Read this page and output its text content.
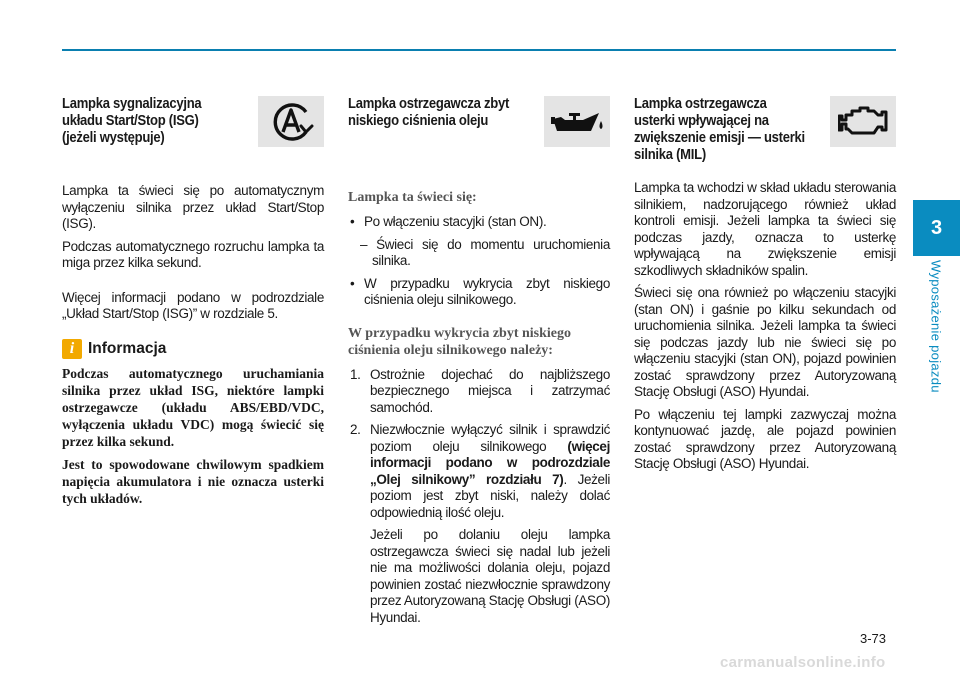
Lampka sygnalizacyjna układu Start/Stop (ISG) (jeżeli występuje)

Lampka ta świeci się po automatycznym wyłączeniu silnika przez układ Start/Stop (ISG).

Podczas automatycznego rozruchu lampka ta miga przez kilka sekund.

Więcej informacji podano w podrozdziale „Układ Start/Stop (ISG)” w rozdziale 5.

i Informacja

Podczas automatycznego uruchamiania silnika przez układ ISG, niektóre lampki ostrzegawcze (układu ABS/EBD/VDC, wyłączenia układu VDC) mogą świecić się przez kilka sekund.

Jest to spowodowane chwilowym spadkiem napięcia akumulatora i nie oznacza usterki tych układów.

Lampka ostrzegawcza zbyt niskiego ciśnienia oleju

Lampka ta świeci się:

• Po włączeniu stacyjki (stan ON).
– Świeci się do momentu uruchomienia silnika.
• W przypadku wykrycia zbyt niskiego ciśnienia oleju silnikowego.

W przypadku wykrycia zbyt niskiego ciśnienia oleju silnikowego należy:

1. Ostrożnie dojechać do najbliższego bezpiecznego miejsca i zatrzymać samochód.
2. Niezwłocznie wyłączyć silnik i sprawdzić poziom oleju silnikowego (więcej informacji podano w podrozdziale „Olej silnikowy” rozdziału 7). Jeżeli poziom jest zbyt niski, należy dolać odpowiednią ilość oleju.
Jeżeli po dolaniu oleju lampka ostrzegawcza świeci się nadal lub jeżeli nie ma możliwości dolania oleju, pojazd powinien zostać niezwłocznie sprawdzony przez Autoryzowaną Stację Obsługi (ASO) Hyundai.
Lampka ostrzegawcza usterki wpływającej na zwiększenie emisji — usterki silnika (MIL)

Lampka ta wchodzi w skład układu sterowania silnikiem, nadzorującego również układ kontroli emisji. Jeżeli lampka ta świeci się podczas jazdy, oznacza to usterkę wpływającą na zwiększenie emisji szkodliwych składników spalin.

Świeci się ona również po włączeniu stacyjki (stan ON) i gaśnie po kilku sekundach od uruchomienia silnika. Jeżeli lampka ta świeci się podczas jazdy lub nie świeci się po włączeniu stacyjki (stan ON), pojazd powinien zostać sprawdzony przez Autoryzowaną Stację Obsługi (ASO) Hyundai.

Po włączeniu tej lampki zazwyczaj można kontynuować jazdę, ale pojazd powinien zostać sprawdzony przez Autoryzowaną Stację Obsługi (ASO) Hyundai.

3
Wyposażenie pojazdu
3-73
carmanualsonline.info
